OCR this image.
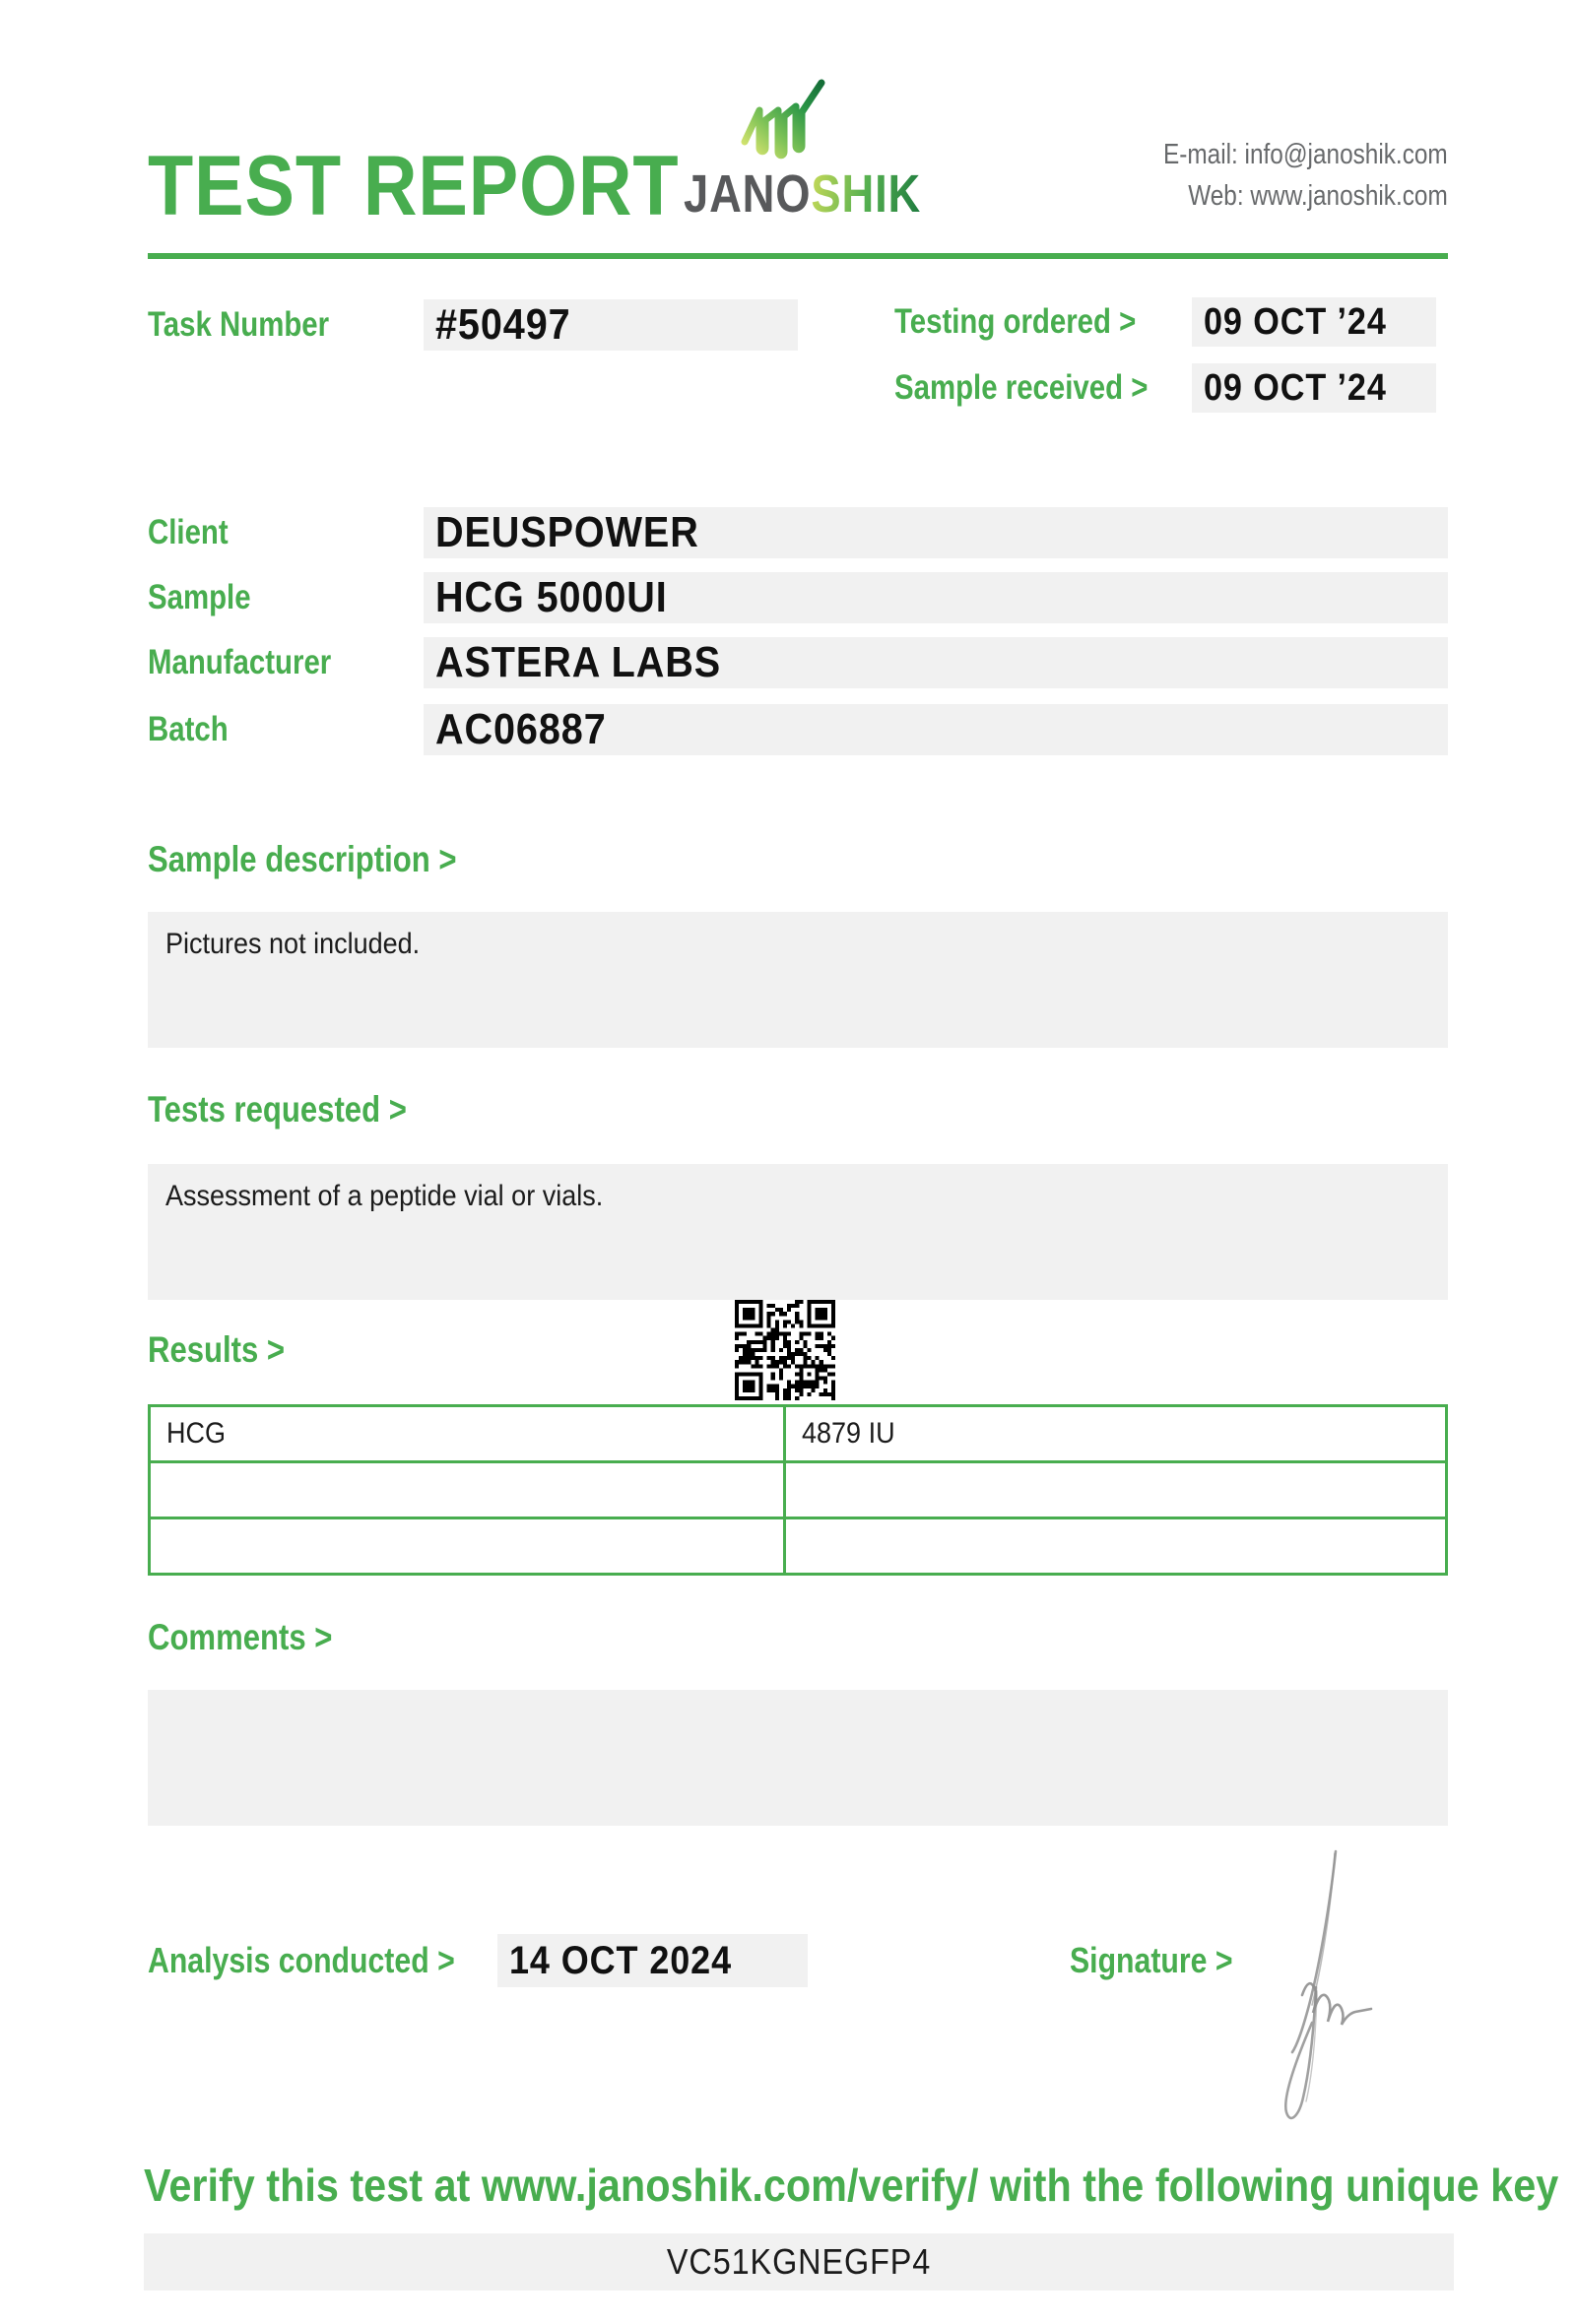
TEST REPORT JANOSHIK
E-mail: info@janoshik.com
Web: www.janoshik.com
Task Number	#50497	Testing ordered >	09 OCT ’24
Sample received >	09 OCT ’24
Client	DEUSPOWER
Sample	HCG 5000UI
Manufacturer	ASTERA LABS
Batch	AC06887
Sample description >
Pictures not included.
Tests requested >
Assessment of a peptide vial or vials.
Results >
HCG	4879 IU

Comments >
Analysis conducted >	14 OCT 2024	Signature >
Verify this test at www.janoshik.com/verify/ with the following unique key
VC51KGNEGFP4
